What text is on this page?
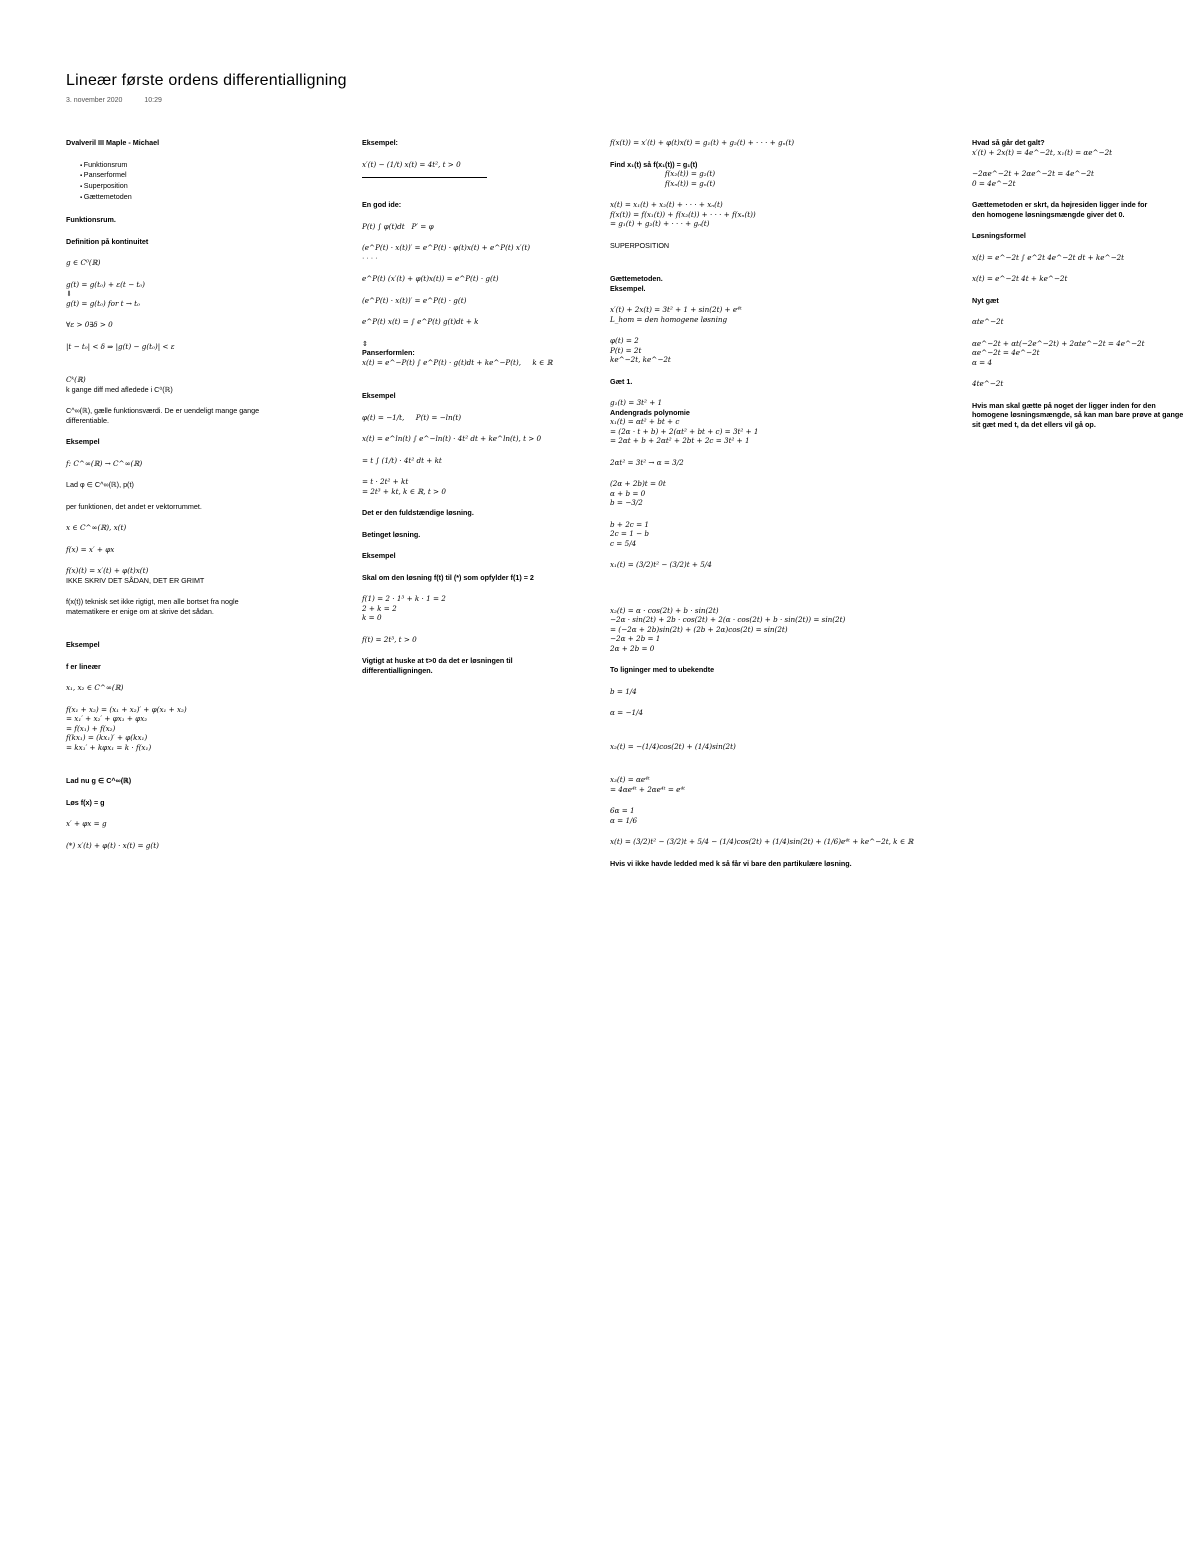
Lineær første ordens differentialligning
3. november 2020	10:29
Dvalveril III Maple - Michael
▪ Funktionsrum
▪ Panserformel
▪ Superposition
▪ Gættemetoden
Funktionsrum.
Definition på kontinuitet
g ∈ C⁰(ℝ)
g(t) = g(t₀) + ε(t − t₀)
⇓
g(t) = g(t₀) for t → t₀
∀ε > 0∃δ > 0
|t − t₀| < δ ⇒ |g(t) − g(t₀)| < ε
Cᵏ(ℝ)
k gange diff med afledede i C⁰(ℝ)
C^∞(ℝ), gælle funktionsværdi. De er uendeligt mange gange
differentiable.
Eksempel
f: C^∞(ℝ) → C^∞(ℝ)
Lad φ ∈ C^∞(ℝ), p(t)
per funktionen, det andet er vektorrummet.
x ∈ C^∞(ℝ), x(t)
f(x) = x′ + φx
f(x)(t) = x′(t) + φ(t)x(t)
IKKE SKRIV DET SÅDAN, DET ER GRIMT
f(x(t)) teknisk set ikke rigtigt, men alle bortset fra nogle
matematikere er enige om at skrive det sådan.
Eksempel
f er lineær
x₁, x₂ ∈ C^∞(ℝ)
f(x₁ + x₂) = (x₁ + x₂)′ + φ(x₁ + x₂)
= x₁′ + x₂′ + φx₁ + φx₂
= f(x₁) + f(x₂)
f(kx₁) = (kx₁)′ + φ(kx₁)
= kx₁′ + kφx₁ = k · f(x₁)
Lad nu g ∈ C^∞(ℝ)
Løs f(x) = g
x′ + φx = g
(*) x′(t) + φ(t) · x(t) = g(t)
Eksempel:
x′(t) − (1/t) x(t) = 4t², t > 0
En god ide:
P(t) ∫ φ(t)dt   P′ = φ
(e^P(t) · x(t))′ = e^P(t) · φ(t)x(t) + e^P(t) x′(t)
· · · ·
e^P(t) (x′(t) + φ(t)x(t)) = e^P(t) · g(t)
(e^P(t) · x(t))′ = e^P(t) · g(t)
e^P(t) x(t) = ∫ e^P(t) g(t)dt + k
⇕
Panserformlen:
x(t) = e^−P(t) ∫ e^P(t) · g(t)dt + ke^−P(t),     k ∈ ℝ
Eksempel
φ(t) = −1/t,     P(t) = −ln(t)
x(t) = e^ln(t) ∫ e^−ln(t) · 4t² dt + ke^ln(t), t > 0
= t ∫ (1/t) · 4t² dt + kt
= t · 2t² + kt
= 2t³ + kt, k ∈ ℝ, t > 0
Det er den fuldstændige løsning.
Betinget løsning.
Eksempel
Skal om den løsning f(t) til (*) som opfylder f(1) = 2
f(1) = 2 · 1³ + k · 1 = 2
2 + k = 2
k = 0
f(t) = 2t³, t > 0
Vigtigt at huske at t>0 da det er løsningen til
differentialligningen.
f(x(t)) = x′(t) + φ(t)x(t) = g₁(t) + g₂(t) + · · · + gₙ(t)
Find x₁(t) så f(x₁(t)) = g₁(t)
f(x₂(t)) = g₂(t)
f(xₙ(t)) = gₙ(t)
x(t) = x₁(t) + x₂(t) + · · · + xₙ(t)
f(x(t)) = f(x₁(t)) + f(x₂(t)) + · · · + f(xₙ(t))
= g₁(t) + g₂(t) + · · · + gₙ(t)
SUPERPOSITION
Gættemetoden.
Eksempel.
x′(t) + 2x(t) = 3t² + 1 + sin(2t) + e⁴ᵗ
L_hom = den homogene løsning
φ(t) = 2
P(t) = 2t
ke^−2t, ke^−2t
Gæt 1.
g₁(t) = 3t² + 1
Andengrads polynomie
x₁(t) = αt² + bt + c
= (2α · t + b) + 2(αt² + bt + c) = 3t² + 1
= 2αt + b + 2αt² + 2bt + 2c = 3t² + 1
2αt² = 3t² → α = 3/2
(2α + 2b)t = 0t
α + b = 0
b = −3/2
b + 2c = 1
2c = 1 − b
c = 5/4
x₁(t) = (3/2)t² − (3/2)t + 5/4
x₂(t) = α · cos(2t) + b · sin(2t)
−2α · sin(2t) + 2b · cos(2t) + 2(α · cos(2t) + b · sin(2t)) = sin(2t)
= (−2α + 2b)sin(2t) + (2b + 2α)cos(2t) = sin(2t)
−2α + 2b = 1
2α + 2b = 0
To ligninger med to ubekendte
b = 1/4
α = −1/4
x₂(t) = −(1/4)cos(2t) + (1/4)sin(2t)
x₃(t) = αe⁴ᵗ
= 4αe⁴ᵗ + 2αe⁴ᵗ = e⁴ᵗ
6α = 1
α = 1/6
x(t) = (3/2)t² − (3/2)t + 5/4 − (1/4)cos(2t) + (1/4)sin(2t) + (1/6)e⁴ᵗ + ke^−2t, k ∈ ℝ
Hvis vi ikke havde ledded med k så får vi bare den partikulære løsning.
Hvad så går det galt?
x′(t) + 2x(t) = 4e^−2t, x₁(t) = αe^−2t
−2αe^−2t + 2αe^−2t = 4e^−2t
0 = 4e^−2t
Gættemetoden er skrt, da højresiden ligger inde for
den homogene løsningsmængde giver det 0.
Løsningsformel
x(t) = e^−2t ∫ e^2t 4e^−2t dt + ke^−2t
x(t) = e^−2t 4t + ke^−2t
Nyt gæt
αte^−2t
αe^−2t + αt(−2e^−2t) + 2αte^−2t = 4e^−2t
αe^−2t = 4e^−2t
α = 4
4te^−2t
Hvis man skal gætte på noget der ligger inden for den
homogene løsningsmængde, så kan man bare prøve at gange
sit gæt med t, da det ellers vil gå op.
